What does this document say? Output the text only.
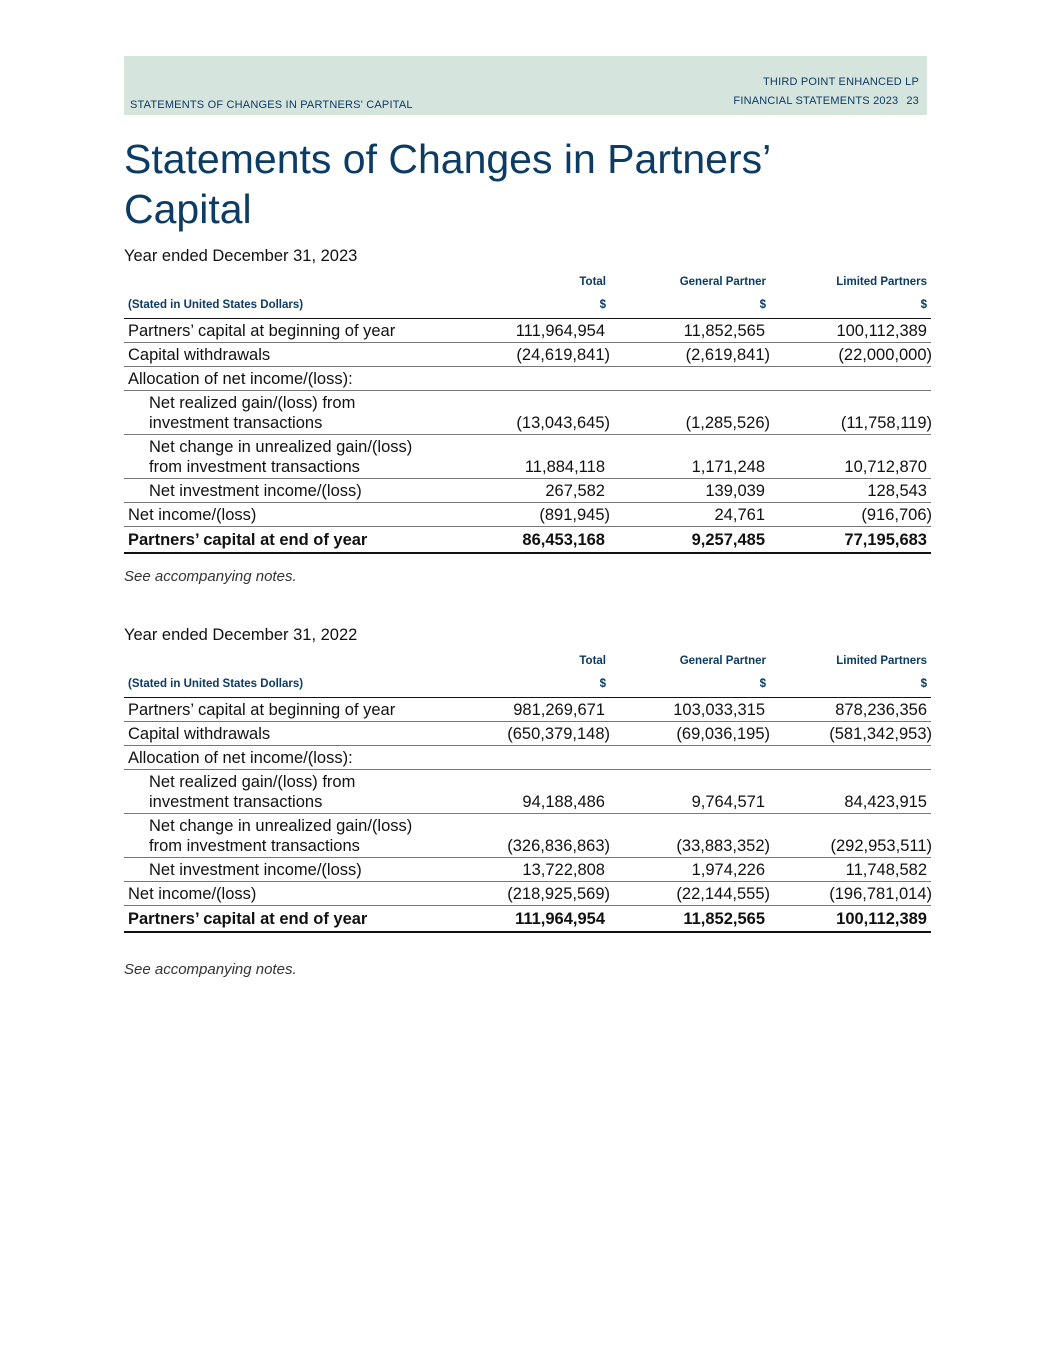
STATEMENTS OF CHANGES IN PARTNERS' CAPITAL
THIRD POINT ENHANCED LP
FINANCIAL STATEMENTS 2023 23
Statements of Changes in Partners’ Capital
Year ended December 31, 2023
Total	General Partner	Limited Partners
(Stated in United States Dollars)	$	$	$
Partners’ capital at beginning of year	111,964,954	11,852,565	100,112,389
Capital withdrawals	(24,619,841)	(2,619,841)	(22,000,000)
Allocation of net income/(loss):			

Net realized gain/(loss) from
investment transactions	(13,043,645)	(1,285,526)	(11,758,119)

Net change in unrealized gain/(loss)
from investment transactions	11,884,118	1,171,248	10,712,870
Net investment income/(loss)	267,582	139,039	128,543
Net income/(loss)	(891,945)	24,761	(916,706)
Partners’ capital at end of year	86,453,168	9,257,485	77,195,683
See accompanying notes.
Year ended December 31, 2022
Total	General Partner	Limited Partners
(Stated in United States Dollars)	$	$	$
Partners’ capital at beginning of year	981,269,671	103,033,315	878,236,356
Capital withdrawals	(650,379,148)	(69,036,195)	(581,342,953)
Allocation of net income/(loss):			

Net realized gain/(loss) from
investment transactions	94,188,486	9,764,571	84,423,915

Net change in unrealized gain/(loss)
from investment transactions	(326,836,863)	(33,883,352)	(292,953,511)
Net investment income/(loss)	13,722,808	1,974,226	11,748,582
Net income/(loss)	(218,925,569)	(22,144,555)	(196,781,014)
Partners’ capital at end of year	111,964,954	11,852,565	100,112,389
See accompanying notes.
